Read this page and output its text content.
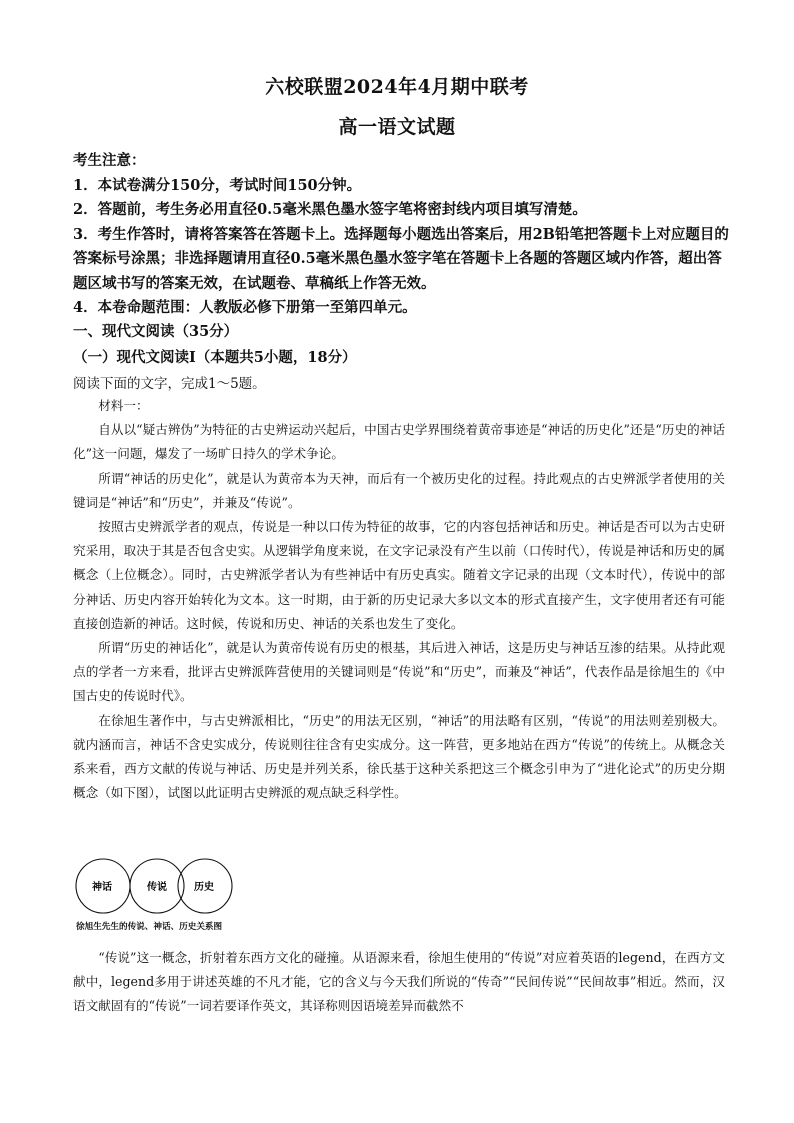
六校联盟2024年4月期中联考
高一语文试题

考生注意：

1．本试卷满分150分，考试时间150分钟。

2．答题前，考生务必用直径0.5毫米黑色墨水签字笔将密封线内项目填写清楚。

3．考生作答时，请将答案答在答题卡上。选择题每小题选出答案后，用2B铅笔把答题卡上对应题目的答案标号涂黑；非选择题请用直径0.5毫米黑色墨水签字笔在答题卡上各题的答题区域内作答，超出答题区域书写的答案无效，在试题卷、草稿纸上作答无效。

4．本卷命题范围：人教版必修下册第一至第四单元。

一、现代文阅读（35分）
（一）现代文阅读Ⅰ（本题共5小题，18分）
阅读下面的文字，完成1～5题。

材料一：

自从以“疑古辨伪”为特征的古史辨运动兴起后，中国古史学界围绕着黄帝事迹是“神话的历史化”还是“历史的神话化”这一问题，爆发了一场旷日持久的学术争论。

所谓“神话的历史化”，就是认为黄帝本为天神，而后有一个被历史化的过程。持此观点的古史辨派学者使用的关键词是“神话”和“历史”，并兼及“传说”。

按照古史辨派学者的观点，传说是一种以口传为特征的故事，它的内容包括神话和历史。神话是否可以为古史研究采用，取决于其是否包含史实。从逻辑学角度来说，在文字记录没有产生以前（口传时代），传说是神话和历史的属概念（上位概念）。同时，古史辨派学者认为有些神话中有历史真实。随着文字记录的出现（文本时代），传说中的部分神话、历史内容开始转化为文本。这一时期，由于新的历史记录大多以文本的形式直接产生，文字使用者还有可能直接创造新的神话。这时候，传说和历史、神话的关系也发生了变化。

所谓“历史的神话化”，就是认为黄帝传说有历史的根基，其后进入神话，这是历史与神话互渗的结果。从持此观点的学者一方来看，批评古史辨派阵营使用的关键词则是“传说”和“历史”，而兼及“神话”，代表作品是徐旭生的《中国古史的传说时代》。

在徐旭生著作中，与古史辨派相比，“历史”的用法无区别，“神话”的用法略有区别，“传说”的用法则差别极大。就内涵而言，神话不含史实成分，传说则往往含有史实成分。这一阵营，更多地站在西方“传说”的传统上。从概念关系来看，西方文献的传说与神话、历史是并列关系，徐氏基于这种关系把这三个概念引申为了“进化论式”的历史分期概念（如下图），试图以此证明古史辨派的观点缺乏科学性。

神话	传说	历史
徐旭生先生的传说、神话、历史关系图

“传说”这一概念，折射着东西方文化的碰撞。从语源来看，徐旭生使用的“传说”对应着英语的legend，在西方文献中，legend多用于讲述英雄的不凡才能，它的含义与今天我们所说的“传奇”“民间传说”“民间故事”相近。然而，汉语文献固有的“传说”一词若要译作英文，其译称则因语境差异而截然不
